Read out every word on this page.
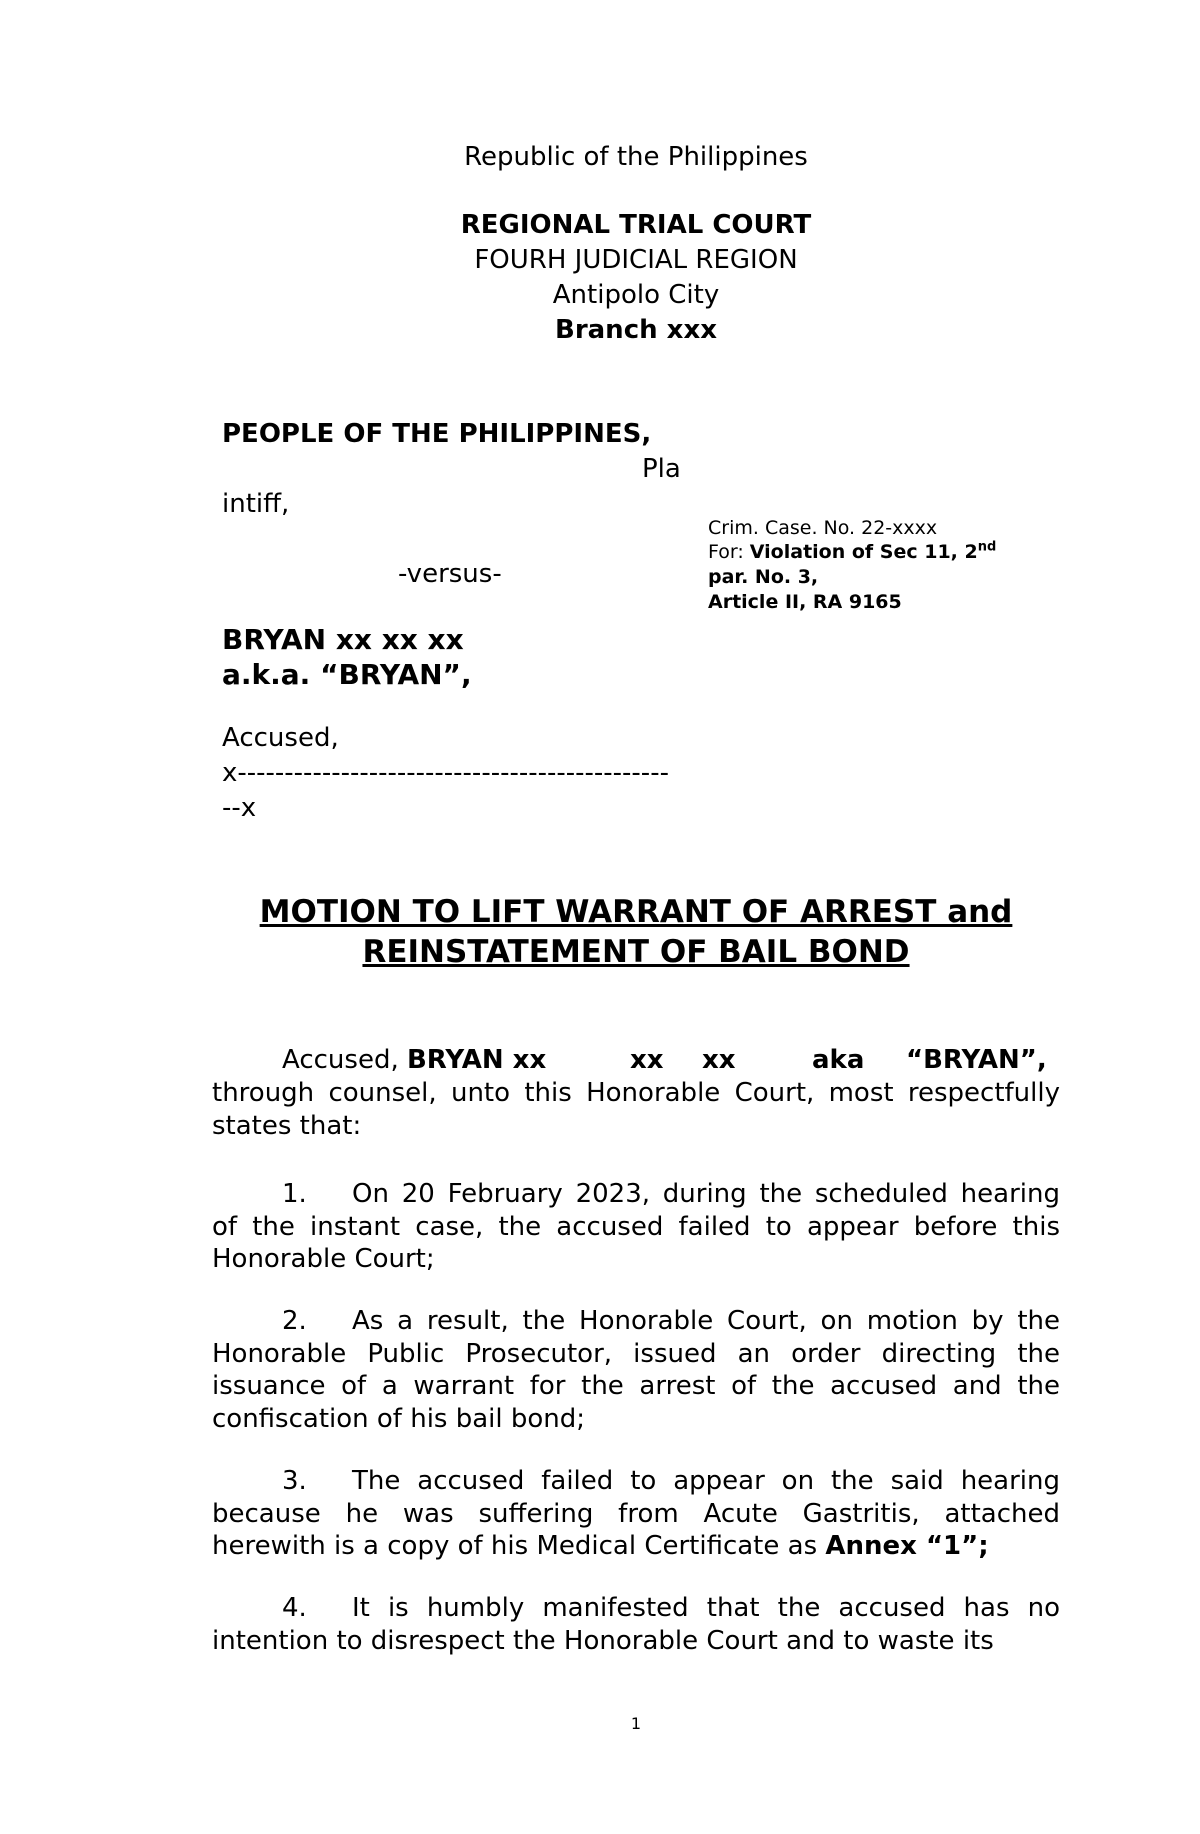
Republic of the Philippines
REGIONAL TRIAL COURT
FOURH JUDICIAL REGION
Antipolo City
Branch xxx
PEOPLE OF THE PHILIPPINES,
Pla
intiff,
-versus-
BRYAN xx xx xx
a.k.a. “BRYAN”,
Accused,
x----------------------------------------------
--x
Crim. Case. No. 22-xxxx
For: Violation of Sec 11, 2nd
par. No. 3,
Article II, RA 9165
MOTION TO LIFT WARRANT OF ARREST and
REINSTATEMENT OF BAIL BOND
Accused, BRYAN xx	xx xx	aka “BRYAN”,

through counsel, unto this Honorable Court, most respectfully states that:

1. On 20 February 2023, during the scheduled hearing of the instant case, the accused failed to appear before this Honorable Court;

2. As a result, the Honorable Court, on motion by the Honorable Public Prosecutor, issued an order directing the issuance of a warrant for the arrest of the accused and the confiscation of his bail bond;

3. The accused failed to appear on the said hearing because he was suffering from Acute Gastritis, attached herewith is a copy of his Medical Certificate as Annex “1”;

4. It is humbly manifested that the accused has no intention to disrespect the Honorable Court and to waste its

1
